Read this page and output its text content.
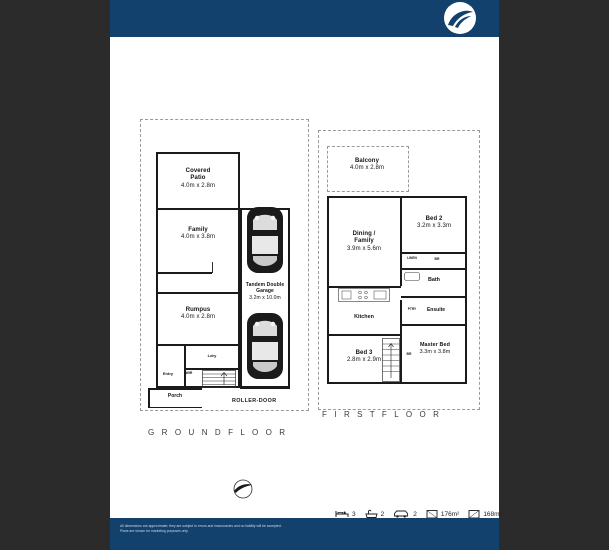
Covered
Patio
4.0m x 2.8m
Family
4.0m x 3.8m
Rumpus
4.0m x 2.8m
Ldry
Entry	WIR
Porch
Tandem Double
Garage
3.2m x 10.0m
ROLLER-DOOR
G R O U N D F L O O R
Balcony
4.0m x 2.8m
Dining /
Family
3.9m x 5.6m
Bed 2
3.2m x 3.3m
LINEN	BR
Bath
Ensuite
PTRY
Kitchen
Bed 3
2.8m x 2.9m
Master Bed
3.3m x 3.8m
BR
F I R S T F L O O R
3	2	2	176m²	168m²
All dimensions are approximate; they are subject to errors and inaccuracies and no liability will be accepted.
Plans are shown for marketing purposes only.
